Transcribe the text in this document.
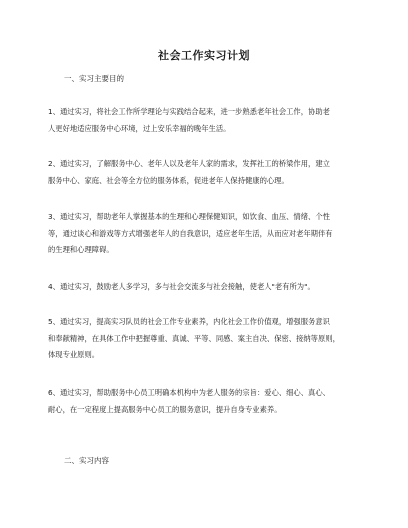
社会工作实习计划
一、实习主要目的

1、通过实习，将社会工作所学理论与实践结合起来，进一步熟悉老年社会工作，协助老

人更好地适应服务中心环境，过上安乐幸福的晚年生活。

2、通过实习，了解服务中心、老年人以及老年人家的需求，发挥社工的桥梁作用，建立

服务中心、家庭、社会等全方位的服务体系，促进老年人保持健康的心理。

3、通过实习，帮助老年人掌握基本的生理和心理保健知识，如饮食、血压、情绪、个性

等，通过谈心和游戏等方式增强老年人的自我意识，适应老年生活，从而应对老年期伴有

的生理和心理障碍。

4、通过实习，鼓励老人多学习，多与社会交流多与社会接触，使老人"老有所为"。

5、通过实习，提高实习队员的社会工作专业素养，内化社会工作价值观，增强服务意识

和奉献精神，在具体工作中把握尊重、真诚、平等、同感、案主自决、保密、接纳等原则，

体现专业原则。

6、通过实习，帮助服务中心员工明确本机构中为老人服务的宗旨：爱心、细心、真心、

耐心，在一定程度上提高服务中心员工的服务意识，提升自身专业素养。

二、实习内容
